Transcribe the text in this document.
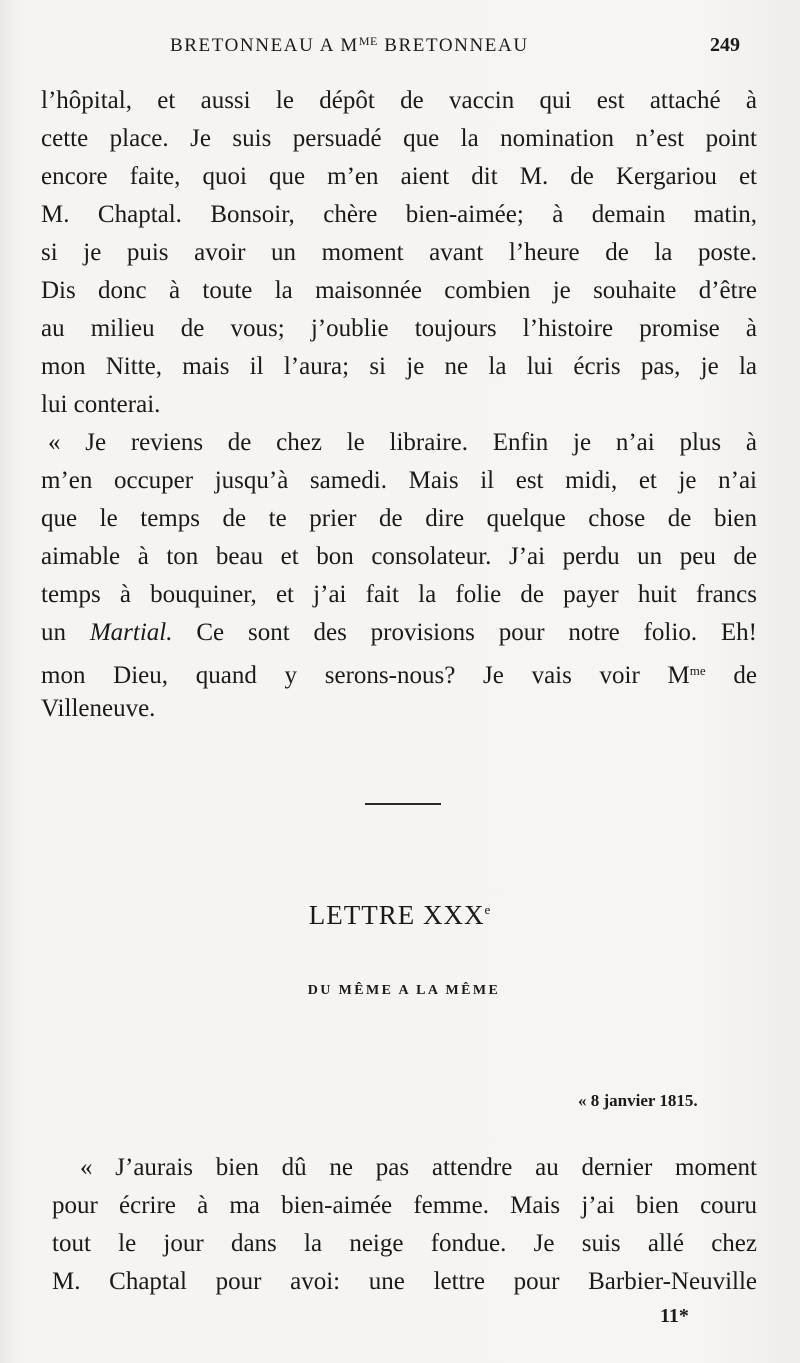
BRETONNEAU A $M^{ME}$ BRETONNEAU	249
l’hôpital, et aussi le dépôt de vaccin qui est attaché à
cette place. Je suis persuadé que la nomination n’est point
encore faite, quoi que m’en aient dit M. de Kergariou et
M. Chaptal. Bonsoir, chère bien-aimée; à demain matin,
si je puis avoir un moment avant l’heure de la poste.
Dis donc à toute la maisonnée combien je souhaite d’être
au milieu de vous; j’oublie toujours l’histoire promise à
mon Nitte, mais il l’aura; si je ne la lui écris pas, je la
lui conterai.
« Je reviens de chez le libraire. Enfin je n’ai plus à
m’en occuper jusqu’à samedi. Mais il est midi, et je n’ai
que le temps de te prier de dire quelque chose de bien
aimable à ton beau et bon consolateur. J’ai perdu un peu de
temps à bouquiner, et j’ai fait la folie de payer huit francs
un Martial. Ce sont des provisions pour notre folio. Eh!
mon Dieu, quand y serons-nous? Je vais voir $M^{me}$ de
Villeneuve.
LETTRE XXXe
DU MÊME A LA MÊME
« 8 janvier 1815.
« J’aurais bien dû ne pas attendre au dernier moment
pour écrire à ma bien-aimée femme. Mais j’ai bien couru
tout le jour dans la neige fondue. Je suis allé chez
M. Chaptal pour avoi: une lettre pour Barbier-Neuville
11*
